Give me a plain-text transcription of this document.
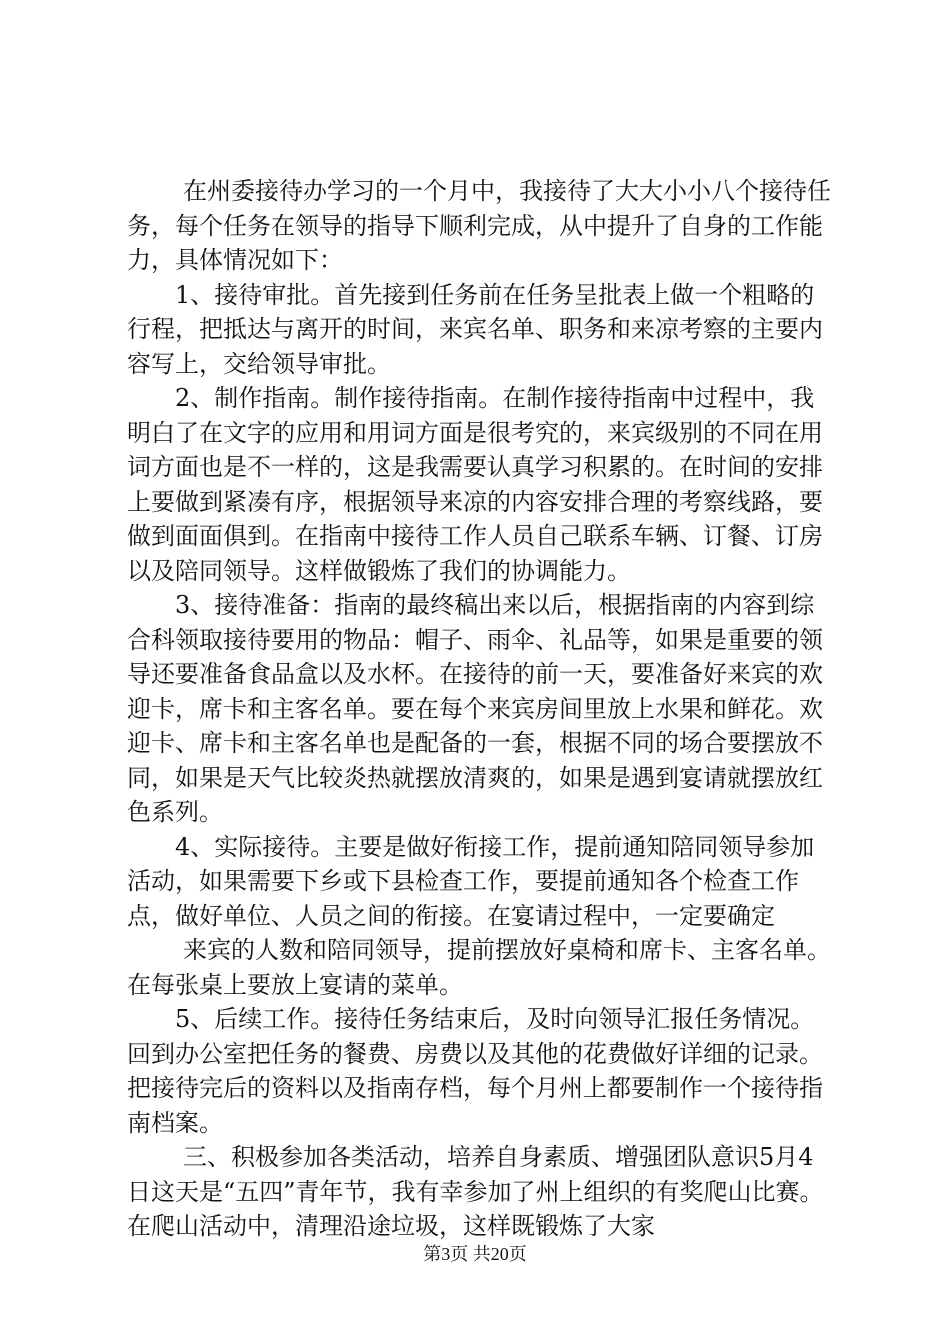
在州委接待办学习的一个月中，我接待了大大小小八个接待任务，每个任务在领导的指导下顺利完成，从中提升了自身的工作能力，具体情况如下：

1、接待审批。首先接到任务前在任务呈批表上做一个粗略的行程，把抵达与离开的时间，来宾名单、职务和来凉考察的主要内容写上，交给领导审批。

2、制作指南。制作接待指南。在制作接待指南中过程中，我明白了在文字的应用和用词方面是很考究的，来宾级别的不同在用词方面也是不一样的，这是我需要认真学习积累的。在时间的安排上要做到紧凑有序，根据领导来凉的内容安排合理的考察线路，要做到面面俱到。在指南中接待工作人员自己联系车辆、订餐、订房以及陪同领导。这样做锻炼了我们的协调能力。

3、接待准备：指南的最终稿出来以后，根据指南的内容到综合科领取接待要用的物品：帽子、雨伞、礼品等，如果是重要的领导还要准备食品盒以及水杯。在接待的前一天，要准备好来宾的欢迎卡，席卡和主客名单。要在每个来宾房间里放上水果和鲜花。欢迎卡、席卡和主客名单也是配备的一套，根据不同的场合要摆放不同，如果是天气比较炎热就摆放清爽的，如果是遇到宴请就摆放红色系列。

4、实际接待。主要是做好衔接工作，提前通知陪同领导参加活动，如果需要下乡或下县检查工作，要提前通知各个检查工作点，做好单位、人员之间的衔接。在宴请过程中，一定要确定

来宾的人数和陪同领导，提前摆放好桌椅和席卡、主客名单。在每张桌上要放上宴请的菜单。

5、后续工作。接待任务结束后，及时向领导汇报任务情况。回到办公室把任务的餐费、房费以及其他的花费做好详细的记录。把接待完后的资料以及指南存档，每个月州上都要制作一个接待指南档案。

三、积极参加各类活动，培养自身素质、增强团队意识5月4日这天是“五四”青年节，我有幸参加了州上组织的有奖爬山比赛。在爬山活动中，清理沿途垃圾，这样既锻炼了大家

第3页 共20页
